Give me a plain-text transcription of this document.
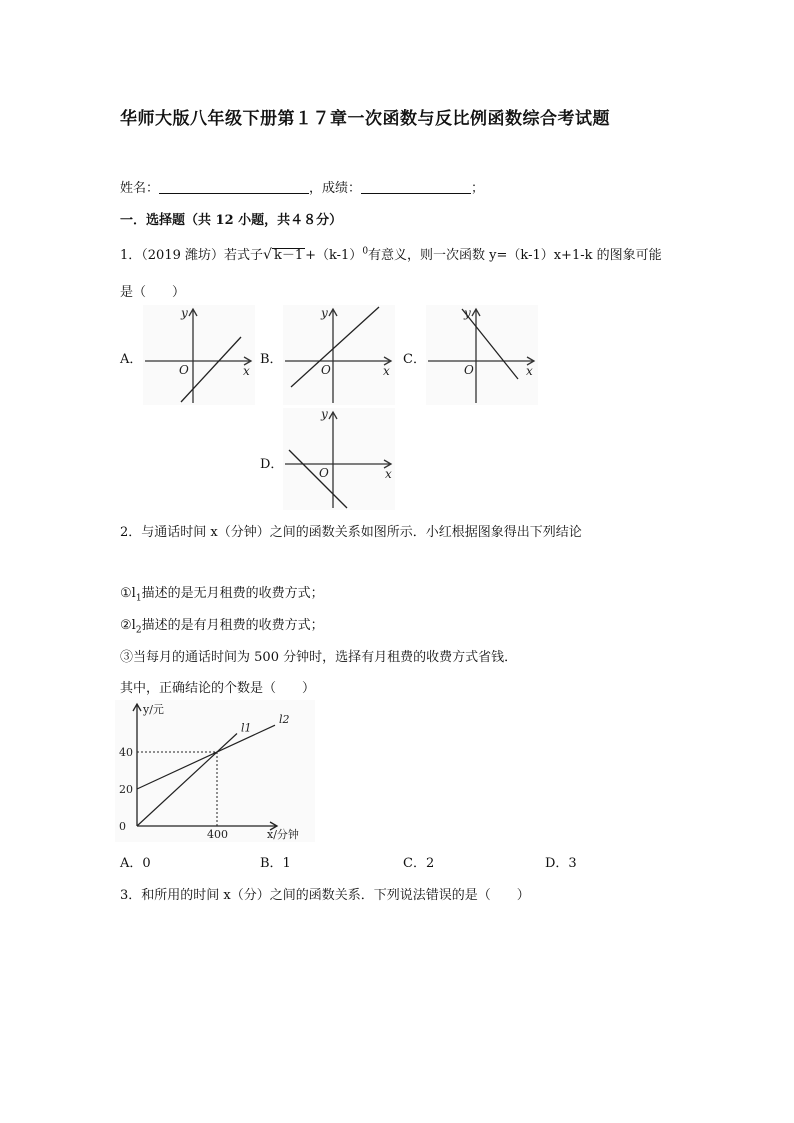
华师大版八年级下册第１７章一次函数与反比例函数综合考试题
姓名：	，成绩：	；
一．选择题（共 12 小题，共４８分）
1．（2019 潍坊）若式子√ $k-1 +(k-1)^0$有意义，则一次函数 y=（k-1）x+1-k 的图象可能
是（　　）
A．
x
y
O
B．
x
y
O
C．
x
y
O
D．
x
y
O
2．与通话时间 x（分钟）之间的函数关系如图所示．小红根据图象得出下列结论
$①l_1$描述的是无月租费的收费方式；
$②l_2$描述的是有月租费的收费方式；
③当每月的通话时间为 500 分钟时，选择有月租费的收费方式省钱．
其中，正确结论的个数是（　　）
l1
l2
0
20
40
400
y/元
x/分钟
A．0	B．1	C．2	D．3
3．和所用的时间 x（分）之间的函数关系．下列说法错误的是（　　）
